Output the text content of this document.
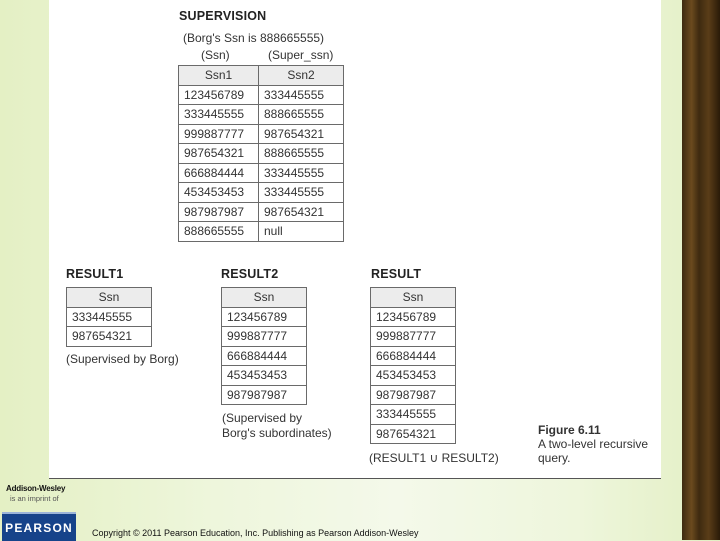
SUPERVISION
(Borg's Ssn is 888665555)
(Ssn)	(Super_ssn)
Ssn1	Ssn2
123456789	333445555
333445555	888665555
999887777	987654321
987654321	888665555
666884444	333445555
453453453	333445555
987987987	987654321
888665555	null
RESULT1
Ssn
333445555
987654321
(Supervised by Borg)
RESULT2
Ssn
123456789
999887777
666884444
453453453
987987987
(Supervised by
Borg's subordinates)
RESULT
Ssn
123456789
999887777
666884444
453453453
987987987
333445555
987654321
(RESULT1 ∪ RESULT2)
Figure 6.11
A two-level recursive
query.
Addison-Wesley
is an imprint of
PEARSON	Copyright © 2011 Pearson Education, Inc. Publishing as Pearson Addison-Wesley
